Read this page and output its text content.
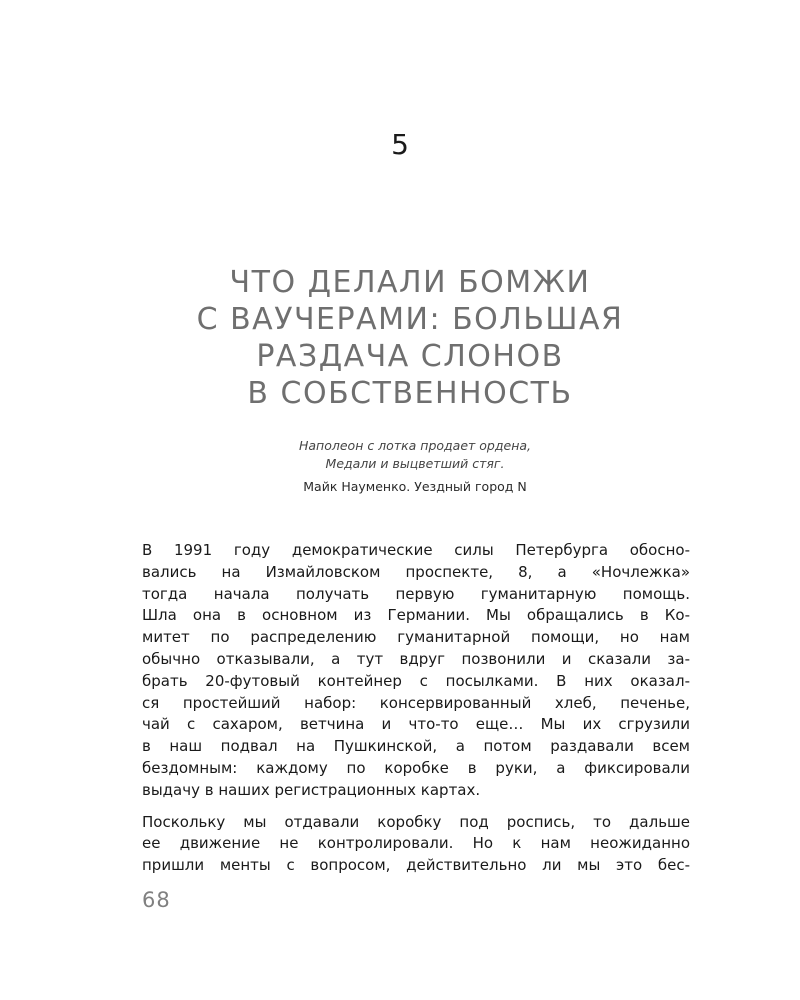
5
ЧТО ДЕЛАЛИ БОМЖИ
С ВАУЧЕРАМИ: БОЛЬШАЯ
РАЗДАЧА СЛОНОВ
В СОБСТВЕННОСТЬ
Наполеон с лотка продает ордена,
Медали и выцветший стяг.
Майк Науменко. Уездный город N
В 1991 году демократические силы Петербурга обосно-
вались на Измайловском проспекте, 8, а «Ночлежка»
тогда начала получать первую гуманитарную помощь.
Шла она в основном из Германии. Мы обращались в Ко-
митет по распределению гуманитарной помощи, но нам
обычно отказывали, а тут вдруг позвонили и сказали за-
брать 20-футовый контейнер с посылками. В них оказал-
ся простейший набор: консервированный хлеб, печенье,
чай с сахаром, ветчина и что-то еще… Мы их сгрузили
в наш подвал на Пушкинской, а потом раздавали всем
бездомным: каждому по коробке в руки, а фиксировали
выдачу в наших регистрационных картах.
Поскольку мы отдавали коробку под роспись, то дальше
ее движение не контролировали. Но к нам неожиданно
пришли менты с вопросом, действительно ли мы это бес-
68
